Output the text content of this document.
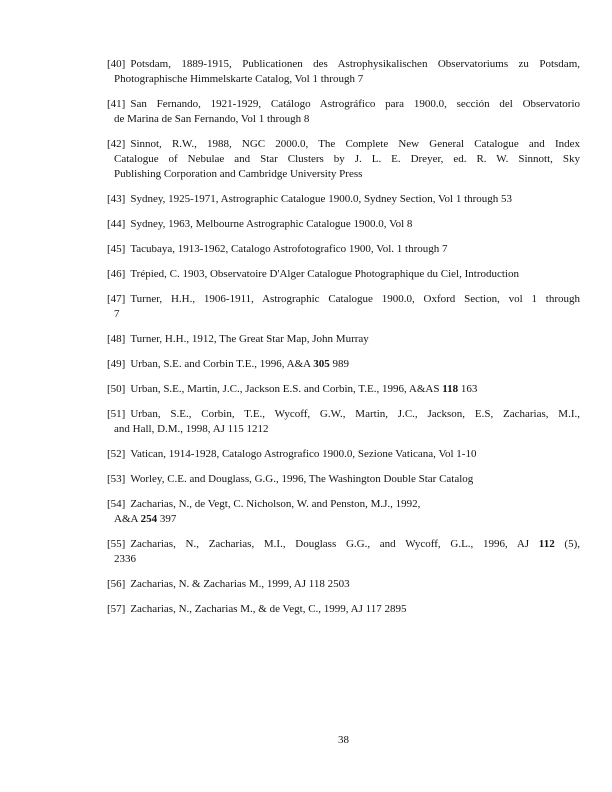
[40] Potsdam, 1889-1915, Publicationen des Astrophysikalischen Observatoriums zu Potsdam,
Photographische Himmelskarte Catalog, Vol 1 through 7
[41] San Fernando, 1921-1929, Catálogo Astrográfico para 1900.0, sección del Observatorio
de Marina de San Fernando, Vol 1 through 8
[42] Sinnot, R.W., 1988, NGC 2000.0, The Complete New General Catalogue and Index
Catalogue of Nebulae and Star Clusters by J. L. E. Dreyer, ed. R. W. Sinnott, Sky
Publishing Corporation and Cambridge University Press
[43] Sydney, 1925-1971, Astrographic Catalogue 1900.0, Sydney Section, Vol 1 through 53
[44] Sydney, 1963, Melbourne Astrographic Catalogue 1900.0, Vol 8
[45] Tacubaya, 1913-1962, Catalogo Astrofotografico 1900, Vol. 1 through 7
[46] Trépied, C. 1903, Observatoire D'Alger Catalogue Photographique du Ciel, Introduction
[47] Turner, H.H., 1906-1911, Astrographic Catalogue 1900.0, Oxford Section, vol 1 through
7
[48] Turner, H.H., 1912, The Great Star Map, John Murray
[49] Urban, S.E. and Corbin T.E., 1996, A&A 305 989
[50] Urban, S.E., Martin, J.C., Jackson E.S. and Corbin, T.E., 1996, A&AS 118 163
[51] Urban, S.E., Corbin, T.E., Wycoff, G.W., Martin, J.C., Jackson, E.S, Zacharias, M.I.,
and Hall, D.M., 1998, AJ 115 1212
[52] Vatican, 1914-1928, Catalogo Astrografico 1900.0, Sezione Vaticana, Vol 1-10
[53] Worley, C.E. and Douglass, G.G., 1996, The Washington Double Star Catalog
[54] Zacharias, N., de Vegt, C. Nicholson, W. and Penston, M.J., 1992,
A&A 254 397
[55] Zacharias, N., Zacharias, M.I., Douglass G.G., and Wycoff, G.L., 1996, AJ 112 (5),
2336
[56] Zacharias, N. & Zacharias M., 1999, AJ 118 2503
[57] Zacharias, N., Zacharias M., & de Vegt, C., 1999, AJ 117 2895
38
